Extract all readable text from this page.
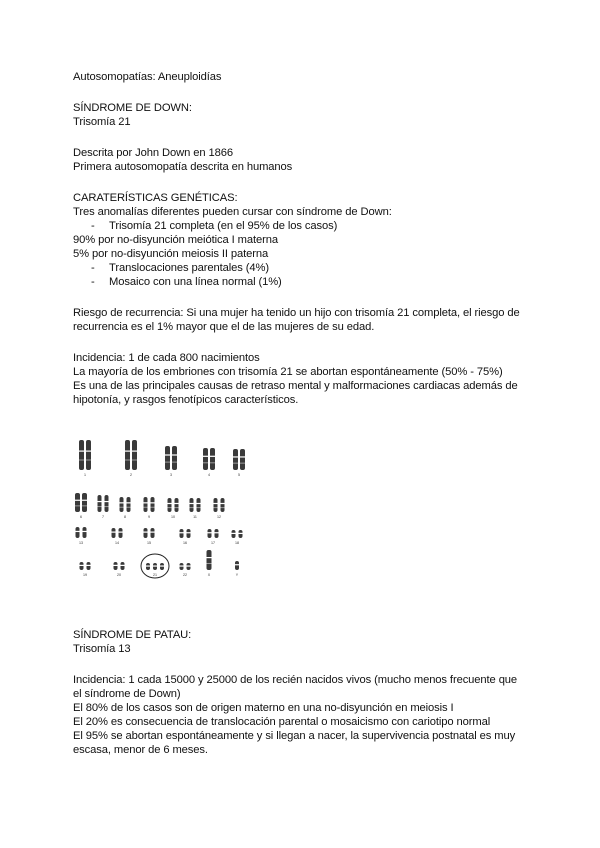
Autosomopatías: Aneuploidías
SÍNDROME DE DOWN:
Trisomía 21
Descrita por John Down en 1866
Primera autosomopatía descrita en humanos
CARATERÍSTICAS GENÉTICAS:
Tres anomalías diferentes pueden cursar con síndrome de Down:
- Trisomía 21 completa (en el 95% de los casos)
90% por no-disyunción meiótica I materna
5% por no-disyunción meiosis II paterna
- Translocaciones parentales (4%)
- Mosaico con una línea normal (1%)
Riesgo de recurrencia: Si una mujer ha tenido un hijo con trisomía 21 completa, el riesgo de
recurrencia es el 1% mayor que el de las mujeres de su edad.
Incidencia: 1 de cada 800 nacimientos
La mayoría de los embriones con trisomía 21 se abortan espontáneamente (50% - 75%)
Es una de las principales causas de retraso mental y malformaciones cardiacas además de
hipotonía, y rasgos fenotípicos característicos.
1	2	3	4	5
6	7	8	9	10	11	12
13	14	15	16	17	18
19	20	21	22	X	Y
SÍNDROME DE PATAU:
Trisomía 13
Incidencia: 1 cada 15000 y 25000 de los recién nacidos vivos (mucho menos frecuente que
el síndrome de Down)
El 80% de los casos son de origen materno en una no-disyunción en meiosis I
El 20% es consecuencia de translocación parental o mosaicismo con cariotipo normal
El 95% se abortan espontáneamente y si llegan a nacer, la supervivencia postnatal es muy
escasa, menor de 6 meses.
